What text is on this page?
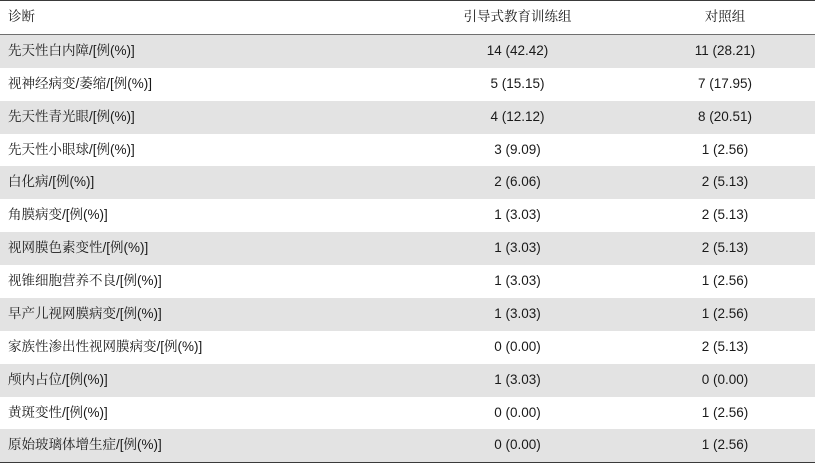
诊断	引导式教育训练组	对照组
先天性白内障/[例(%)]	14 (42.42)	11 (28.21)
视神经病变/萎缩/[例(%)]	5 (15.15)	7 (17.95)
先天性青光眼/[例(%)]	4 (12.12)	8 (20.51)
先天性小眼球/[例(%)]	3 (9.09)	1 (2.56)
白化病/[例(%)]	2 (6.06)	2 (5.13)
角膜病变/[例(%)]	1 (3.03)	2 (5.13)
视网膜色素变性/[例(%)]	1 (3.03)	2 (5.13)
视锥细胞营养不良/[例(%)]	1 (3.03)	1 (2.56)
早产儿视网膜病变/[例(%)]	1 (3.03)	1 (2.56)
家族性渗出性视网膜病变/[例(%)]	0 (0.00)	2 (5.13)
颅内占位/[例(%)]	1 (3.03)	0 (0.00)
黄斑变性/[例(%)]	0 (0.00)	1 (2.56)
原始玻璃体增生症/[例(%)]	0 (0.00)	1 (2.56)
